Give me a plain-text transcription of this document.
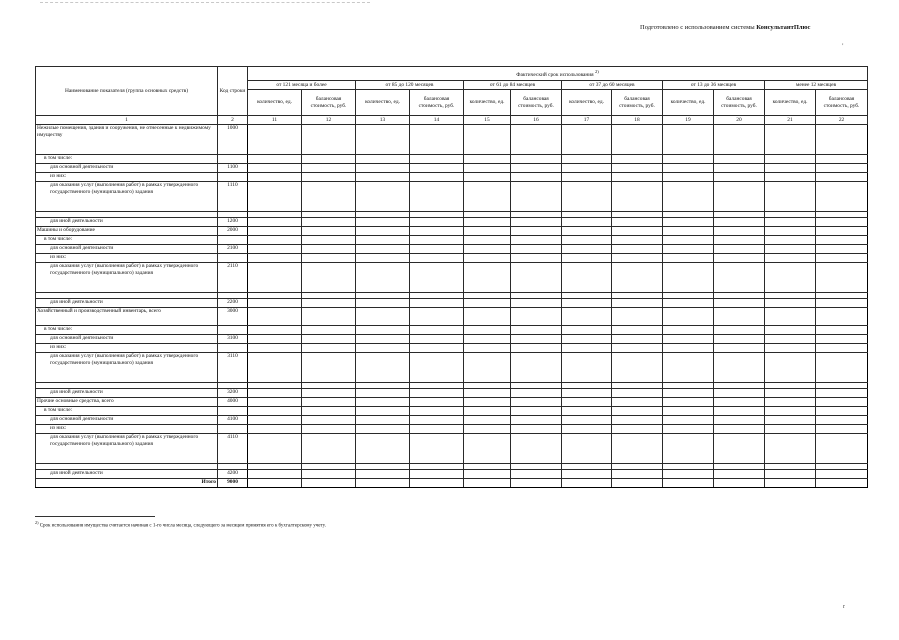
Подготовлено с использованием системы КонсультантПлюс
Наименование показателя (группа основных средств)	Код строки	Фактический срок использования $^{2)}$
		от 121 месяца и более		от 85 до 120 месяцев		от 61 до 84 месяцев		от 37 до 60 месяцев		от 13 до 36 месяцев		менее 12 месяцев	
		количество, ед.	балансовая стоимость, руб.	количество, ед.	балансовая стоимость, руб.	количество, ед.	балансовая стоимость, руб.	количество, ед.	балансовая стоимость, руб.	количество, ед.	балансовая стоимость, руб.	количество, ед.	балансовая стоимость, руб.
1	2	11	12	13	14	15	16	17	18	19	20	21	22
Нежилые помещения, здания и сооружения, не отнесенные к недвижимому имуществу	1000												
в том числе:													
для основной деятельности	1100												
из них:													
для оказания услуг (выполнения работ) в рамках утвержденного государственного (муниципального) задания	1110												

для иной деятельности	1200												
Машины и оборудование	2000												
в том числе:													
для основной деятельности	2100												
из них:													
для оказания услуг (выполнения работ) в рамках утвержденного государственного (муниципального) задания	2110												

для иной деятельности	2200												
Хозяйственный и производственный инвентарь, всего	3000												
в том числе:													
для основной деятельности	3100												
из них:													
для оказания услуг (выполнения работ) в рамках утвержденного государственного (муниципального) задания	3110												

для иной деятельности	3200												
Прочие основные средства, всего	4000												
в том числе:													
для основной деятельности	4100												
из них:													
для оказания услуг (выполнения работ) в рамках утвержденного государственного (муниципального) задания	4110												

для иной деятельности	4200												
Итого	9000												
$^{2)}$ Срок использования имущества считается начиная с 1-го числа месяца, следующего за месяцем принятия его к бухгалтерскому учету.
,
r
